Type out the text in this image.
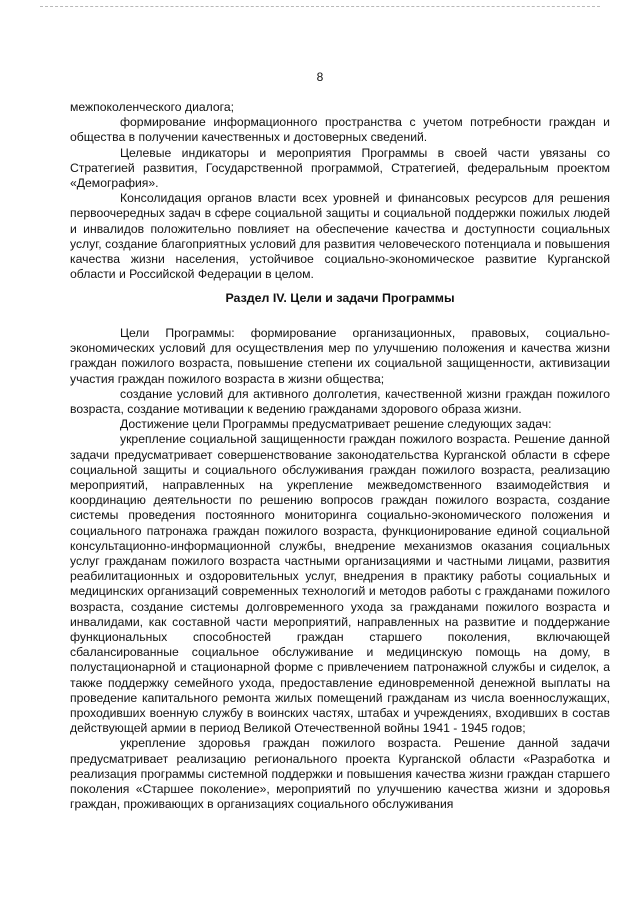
8

межпоколенческого диалога;

формирование информационного пространства с учетом потребности граждан и общества в получении качественных и достоверных сведений.

Целевые индикаторы и мероприятия Программы в своей части увязаны со Стратегией развития, Государственной программой, Стратегией, федеральным проектом «Демография».

Консолидация органов власти всех уровней и финансовых ресурсов для решения первоочередных задач в сфере социальной защиты и социальной поддержки пожилых людей и инвалидов положительно повлияет на обеспечение качества и доступности социальных услуг, создание благоприятных условий для развития человеческого потенциала и повышения качества жизни населения, устойчивое социально-экономическое развитие Курганской области и Российской Федерации в целом.

Раздел IV. Цели и задачи Программы

Цели Программы: формирование организационных, правовых, социально-экономических условий для осуществления мер по улучшению положения и качества жизни граждан пожилого возраста, повышение степени их социальной защищенности, активизации участия граждан пожилого возраста в жизни общества;

создание условий для активного долголетия, качественной жизни граждан пожилого возраста, создание мотивации к ведению гражданами здорового образа жизни.

Достижение цели Программы предусматривает решение следующих задач:

укрепление социальной защищенности граждан пожилого возраста. Решение данной задачи предусматривает совершенствование законодательства Курганской области в сфере социальной защиты и социального обслуживания граждан пожилого возраста, реализацию мероприятий, направленных на укрепление межведомственного взаимодействия и координацию деятельности по решению вопросов граждан пожилого возраста, создание системы проведения постоянного мониторинга социально-экономического положения и социального патронажа граждан пожилого возраста, функционирование единой социальной консультационно-информационной службы, внедрение механизмов оказания социальных услуг гражданам пожилого возраста частными организациями и частными лицами, развития реабилитационных и оздоровительных услуг, внедрения в практику работы социальных и медицинских организаций современных технологий и методов работы с гражданами пожилого возраста, создание системы долговременного ухода за гражданами пожилого возраста и инвалидами, как составной части мероприятий, направленных на развитие и поддержание функциональных способностей граждан старшего поколения, включающей сбалансированные социальное обслуживание и медицинскую помощь на дому, в полустационарной и стационарной форме с привлечением патронажной службы и сиделок, а также поддержку семейного ухода, предоставление единовременной денежной выплаты на проведение капитального ремонта жилых помещений гражданам из числа военнослужащих, проходивших военную службу в воинских частях, штабах и учреждениях, входивших в состав действующей армии в период Великой Отечественной войны 1941 - 1945 годов;

укрепление здоровья граждан пожилого возраста. Решение данной задачи предусматривает реализацию регионального проекта Курганской области «Разработка и реализация программы системной поддержки и повышения качества жизни граждан старшего поколения «Старшее поколение», мероприятий по улучшению качества жизни и здоровья граждан, проживающих в организациях социального обслуживания
